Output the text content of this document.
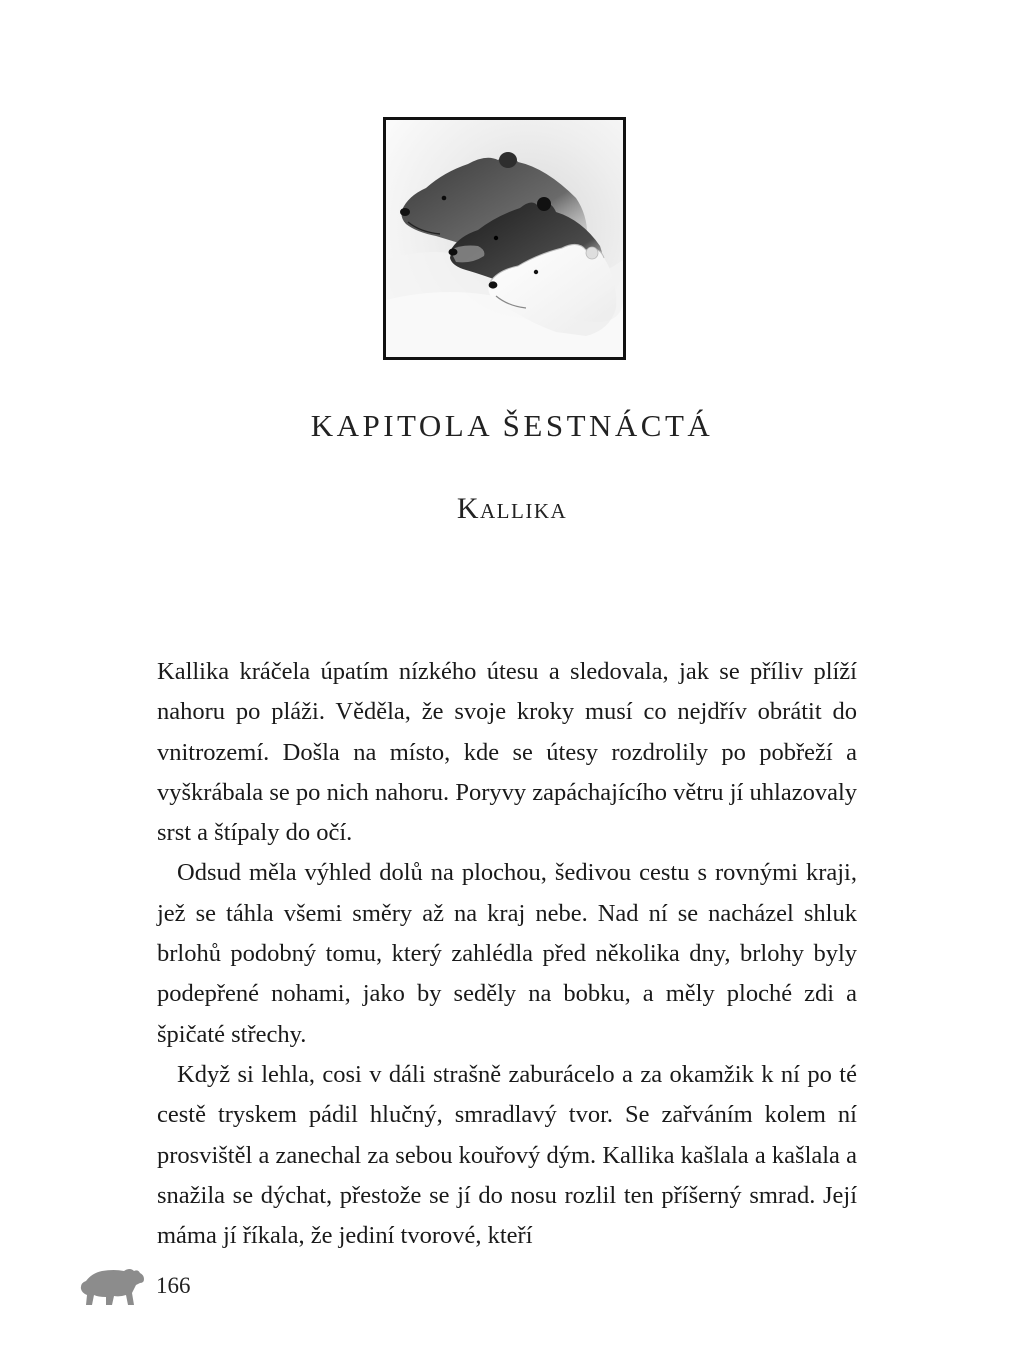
KAPITOLA ŠESTNÁCTÁ
Kallika

Kallika kráčela úpatím nízkého útesu a sledovala, jak se příliv plíží nahoru po pláži. Věděla, že svoje kroky musí co nejdřív obrátit do vnitrozemí. Došla na místo, kde se útesy rozdrolily po pobřeží a vyškrábala se po nich nahoru. Poryvy zapáchajícího větru jí uhlazovaly srst a štípaly do očí.

Odsud měla výhled dolů na plochou, šedivou cestu s rovnými kraji, jež se táhla všemi směry až na kraj nebe. Nad ní se nacházel shluk brlohů podobný tomu, který zahlédla před několika dny, brlohy byly podepřené nohami, jako by seděly na bobku, a měly ploché zdi a špičaté střechy.

Když si lehla, cosi v dáli strašně zaburácelo a za okamžik k ní po té cestě tryskem pádil hlučný, smradlavý tvor. Se zařváním kolem ní prosvištěl a zanechal za sebou kouřový dým. Kallika kašlala a kašlala a snažila se dýchat, přestože se jí do nosu rozlil ten příšerný smrad. Její máma jí říkala, že jediní tvorové, kteří

166
